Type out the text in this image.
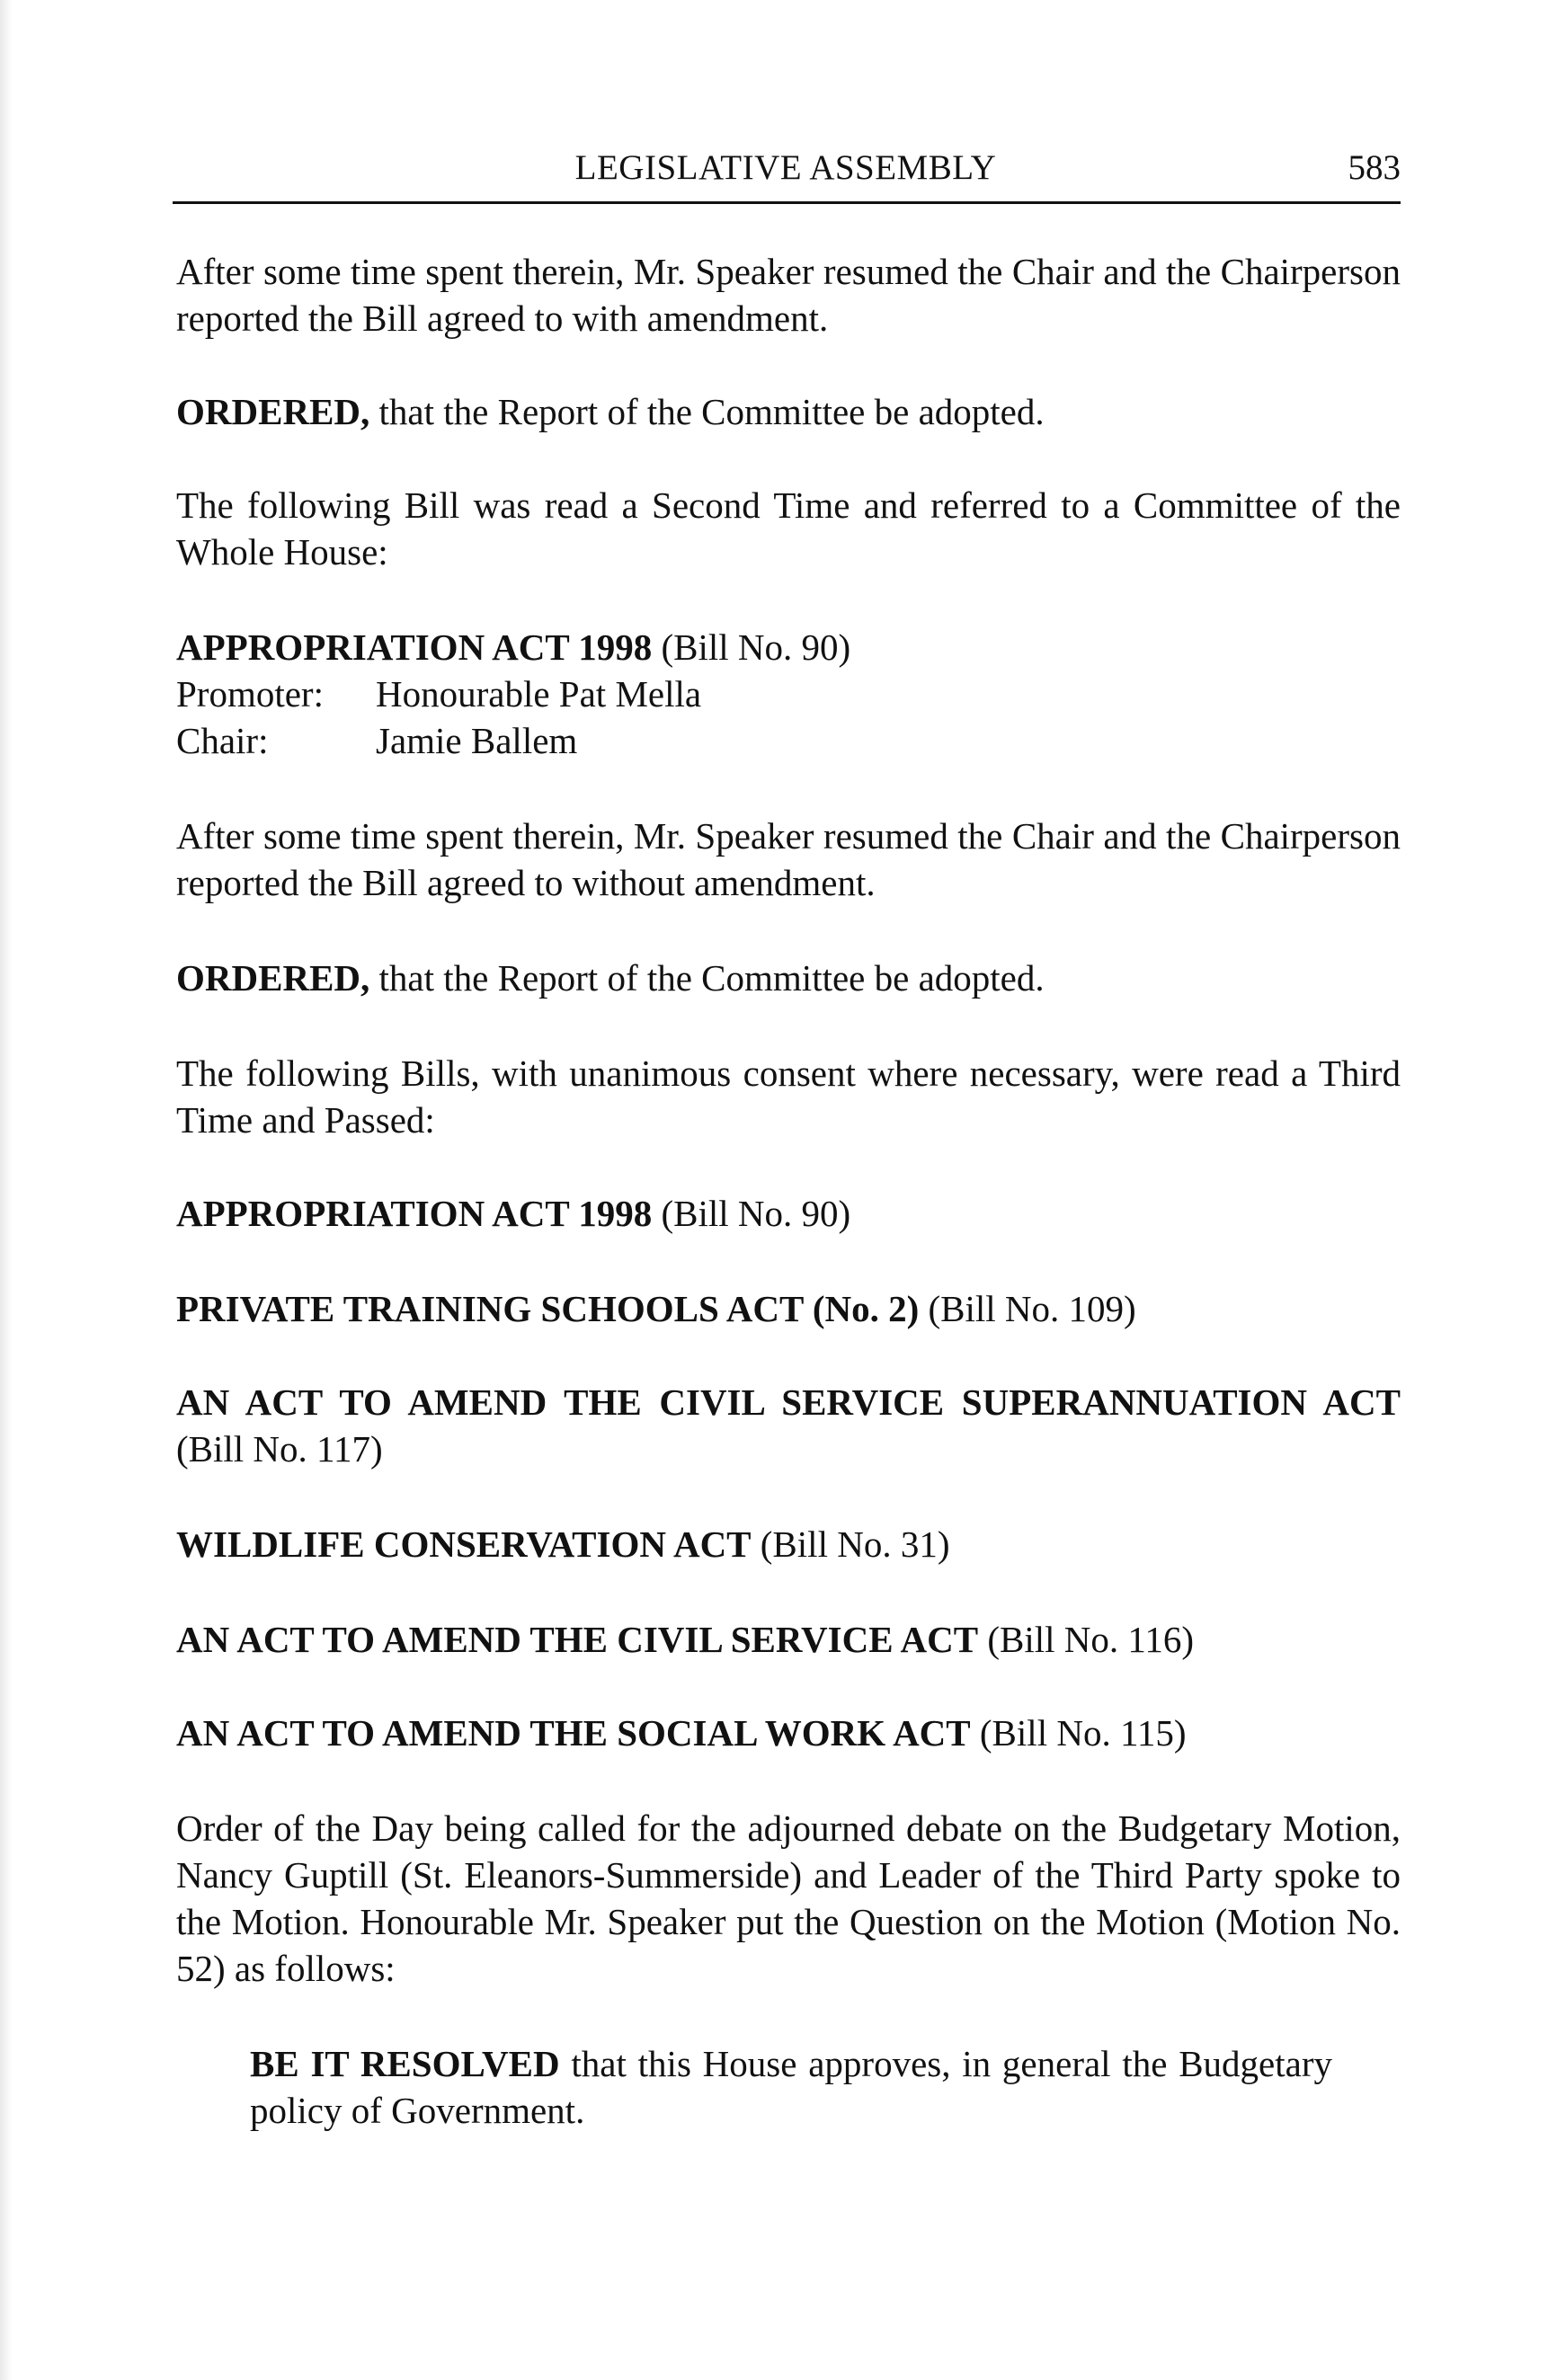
LEGISLATIVE ASSEMBLY	583

After some time spent therein, Mr. Speaker resumed the Chair and the Chairperson reported the Bill agreed to with amendment.

ORDERED, that the Report of the Committee be adopted.

The following Bill was read a Second Time and referred to a Committee of the Whole House:

APPROPRIATION ACT 1998 (Bill No. 90)
Promoter:	Honourable Pat Mella
Chair:	Jamie Ballem

After some time spent therein, Mr. Speaker resumed the Chair and the Chairperson reported the Bill agreed to without amendment.

ORDERED, that the Report of the Committee be adopted.

The following Bills, with unanimous consent where necessary, were read a Third Time and Passed:

APPROPRIATION ACT 1998 (Bill No. 90)

PRIVATE TRAINING SCHOOLS ACT (No. 2) (Bill No. 109)

AN ACT TO AMEND THE CIVIL SERVICE SUPERANNUATION ACT (Bill No. 117)

WILDLIFE CONSERVATION ACT (Bill No. 31)

AN ACT TO AMEND THE CIVIL SERVICE ACT (Bill No. 116)

AN ACT TO AMEND THE SOCIAL WORK ACT (Bill No. 115)

Order of the Day being called for the adjourned debate on the Budgetary Motion, Nancy Guptill (St. Eleanors-Summerside) and Leader of the Third Party spoke to the Motion. Honourable Mr. Speaker put the Question on the Motion (Motion No. 52) as follows:

BE IT RESOLVED that this House approves, in general the Budgetary policy of Government.
